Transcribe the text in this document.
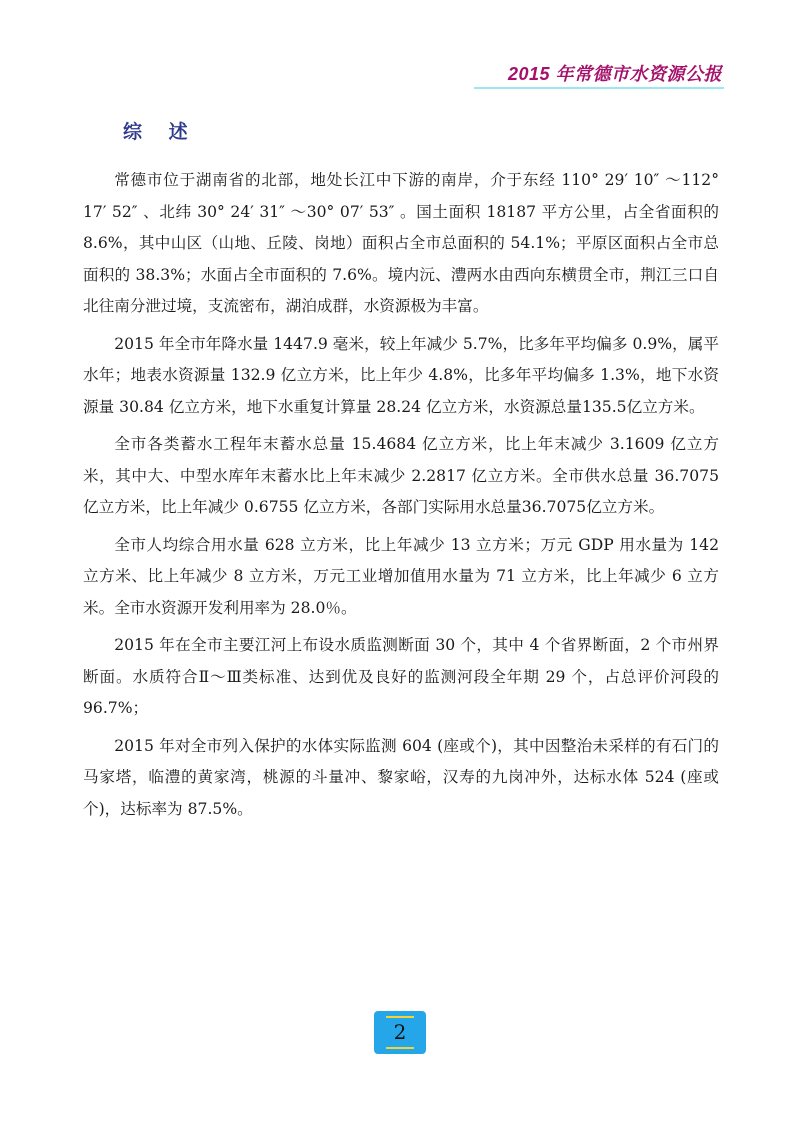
2015 年常德市水资源公报
综 述

常德市位于湖南省的北部，地处长江中下游的南岸，介于东经 110° 29′ 10″ ～112° 17′ 52″ 、北纬 30° 24′ 31″ ～30° 07′ 53″ 。国土面积 18187 平方公里，占全省面积的 8.6%，其中山区（山地、丘陵、岗地）面积占全市总面积的 54.1%；平原区面积占全市总面积的 38.3%；水面占全市面积的 7.6%。境内沅、澧两水由西向东横贯全市，荆江三口自北往南分泄过境，支流密布，湖泊成群，水资源极为丰富。

2015 年全市年降水量 1447.9 毫米，较上年减少 5.7%，比多年平均偏多 0.9%，属平水年；地表水资源量 132.9 亿立方米，比上年少 4.8%，比多年平均偏多 1.3%，地下水资源量 30.84 亿立方米，地下水重复计算量 28.24 亿立方米，水资源总量135.5亿立方米。

全市各类蓄水工程年末蓄水总量 15.4684 亿立方米，比上年末减少 3.1609 亿立方米，其中大、中型水库年末蓄水比上年末减少 2.2817 亿立方米。全市供水总量 36.7075 亿立方米，比上年减少 0.6755 亿立方米，各部门实际用水总量36.7075亿立方米。

全市人均综合用水量 628 立方米，比上年减少 13 立方米；万元 GDP 用水量为 142 立方米、比上年减少 8 立方米，万元工业增加值用水量为 71 立方米，比上年减少 6 立方米。全市水资源开发利用率为 28.0％。

2015 年在全市主要江河上布设水质监测断面 30 个，其中 4 个省界断面，2 个市州界断面。水质符合Ⅱ～Ⅲ类标准、达到优及良好的监测河段全年期 29 个，占总评价河段的 96.7%；

2015 年对全市列入保护的水体实际监测 604 (座或个)，其中因整治未采样的有石门的马家塔，临澧的黄家湾，桃源的斗量冲、黎家峪，汉寿的九岗冲外，达标水体 524 (座或个)，达标率为 87.5%。

2
